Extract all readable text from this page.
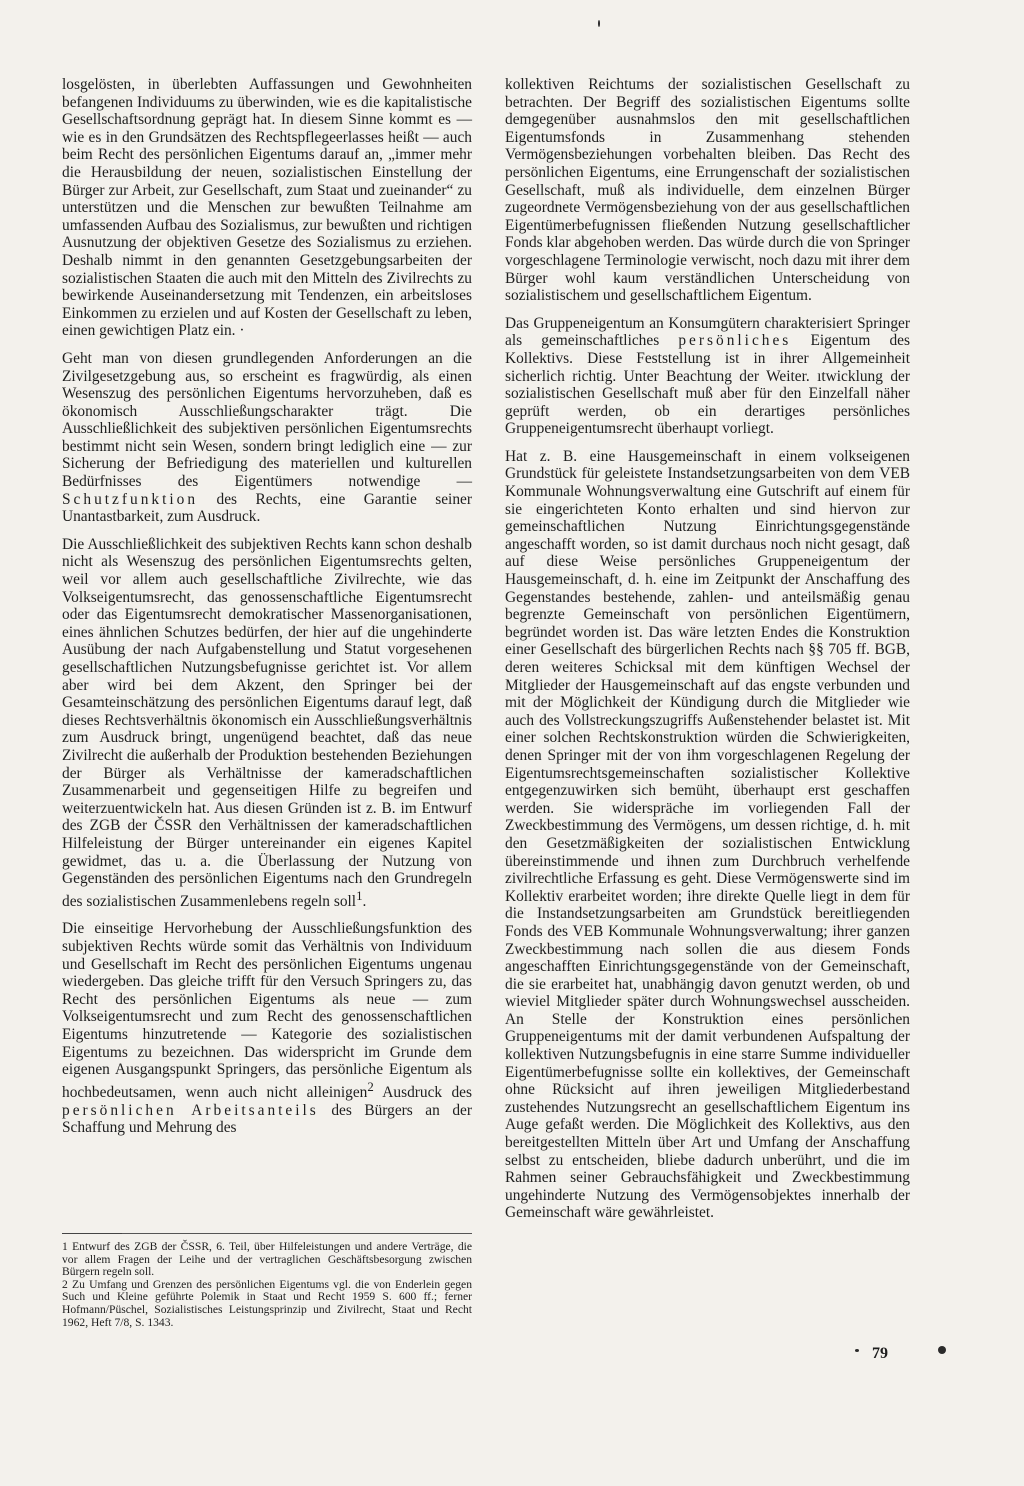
losgelösten, in überlebten Auffassungen und Gewohnheiten befangenen Individuums zu überwinden, wie es die kapitalistische Gesellschaftsordnung geprägt hat. In diesem Sinne kommt es — wie es in den Grundsätzen des Rechtspflegeerlasses heißt — auch beim Recht des persönlichen Eigentums darauf an, „immer mehr die Herausbildung der neuen, sozialistischen Einstellung der Bürger zur Arbeit, zur Gesellschaft, zum Staat und zueinander“ zu unterstützen und die Menschen zur bewußten Teilnahme am umfassenden Aufbau des Sozialismus, zur bewußten und richtigen Ausnutzung der objektiven Gesetze des Sozialismus zu erziehen. Deshalb nimmt in den genannten Gesetzgebungsarbeiten der sozialistischen Staaten die auch mit den Mitteln des Zivilrechts zu bewirkende Auseinandersetzung mit Tendenzen, ein arbeitsloses Einkommen zu erzielen und auf Kosten der Gesellschaft zu leben, einen gewichtigen Platz ein. ·

Geht man von diesen grundlegenden Anforderungen an die Zivilgesetzgebung aus, so erscheint es fragwürdig, als einen Wesenszug des persönlichen Eigentums hervorzuheben, daß es ökonomisch Ausschließungscharakter trägt. Die Ausschließlichkeit des subjektiven persönlichen Eigentumsrechts bestimmt nicht sein Wesen, sondern bringt lediglich eine — zur Sicherung der Befriedigung des materiellen und kulturellen Bedürfnisses des Eigentümers notwendige — Schutzfunktion des Rechts, eine Garantie seiner Unantastbarkeit, zum Ausdruck.

Die Ausschließlichkeit des subjektiven Rechts kann schon deshalb nicht als Wesenszug des persönlichen Eigentumsrechts gelten, weil vor allem auch gesellschaftliche Zivilrechte, wie das Volkseigentumsrecht, das genossenschaftliche Eigentumsrecht oder das Eigentumsrecht demokratischer Massenorganisationen, eines ähnlichen Schutzes bedürfen, der hier auf die ungehinderte Ausübung der nach Aufgabenstellung und Statut vorgesehenen gesellschaftlichen Nutzungsbefugnisse gerichtet ist. Vor allem aber wird bei dem Akzent, den Springer bei der Gesamteinschätzung des persönlichen Eigentums darauf legt, daß dieses Rechtsverhältnis ökonomisch ein Ausschließungsverhältnis zum Ausdruck bringt, ungenügend beachtet, daß das neue Zivilrecht die außerhalb der Produktion bestehenden Beziehungen der Bürger als Verhältnisse der kameradschaftlichen Zusammenarbeit und gegenseitigen Hilfe zu begreifen und weiterzuentwickeln hat. Aus diesen Gründen ist z. B. im Entwurf des ZGB der ČSSR den Verhältnissen der kameradschaftlichen Hilfeleistung der Bürger untereinander ein eigenes Kapitel gewidmet, das u. a. die Überlassung der Nutzung von Gegenständen des persönlichen Eigentums nach den Grundregeln des sozialistischen Zusammenlebens regeln soll$^1$.

Die einseitige Hervorhebung der Ausschließungsfunktion des subjektiven Rechts würde somit das Verhältnis von Individuum und Gesellschaft im Recht des persönlichen Eigentums ungenau wiedergeben. Das gleiche trifft für den Versuch Springers zu, das Recht des persönlichen Eigentums als neue — zum Volkseigentumsrecht und zum Recht des genossenschaftlichen Eigentums hinzutretende — Kategorie des sozialistischen Eigentums zu bezeichnen. Das widerspricht im Grunde dem eigenen Ausgangspunkt Springers, das persönliche Eigentum als hochbedeutsamen, wenn auch nicht alleinigen$^2$ Ausdruck des persönlichen Arbeitsanteils des Bürgers an der Schaffung und Mehrung des

kollektiven Reichtums der sozialistischen Gesellschaft zu betrachten. Der Begriff des sozialistischen Eigentums sollte demgegenüber ausnahmslos den mit gesellschaftlichen Eigentumsfonds in Zusammenhang stehenden Vermögensbeziehungen vorbehalten bleiben. Das Recht des persönlichen Eigentums, eine Errungenschaft der sozialistischen Gesellschaft, muß als individuelle, dem einzelnen Bürger zugeordnete Vermögensbeziehung von der aus gesellschaftlichen Eigentümerbefugnissen fließenden Nutzung gesellschaftlicher Fonds klar abgehoben werden. Das würde durch die von Springer vorgeschlagene Terminologie verwischt, noch dazu mit ihrer dem Bürger wohl kaum verständlichen Unterscheidung von sozialistischem und gesellschaftlichem Eigentum.

Das Gruppeneigentum an Konsumgütern charakterisiert Springer als gemeinschaftliches persönliches Eigentum des Kollektivs. Diese Feststellung ist in ihrer Allgemeinheit sicherlich richtig. Unter Beachtung der Weiter. ıtwicklung der sozialistischen Gesellschaft muß aber für den Einzelfall näher geprüft werden, ob ein derartiges persönliches Gruppeneigentumsrecht überhaupt vorliegt.

Hat z. B. eine Hausgemeinschaft in einem volkseigenen Grundstück für geleistete Instandsetzungsarbeiten von dem VEB Kommunale Wohnungsverwaltung eine Gutschrift auf einem für sie eingerichteten Konto erhalten und sind hiervon zur gemeinschaftlichen Nutzung Einrichtungsgegenstände angeschafft worden, so ist damit durchaus noch nicht gesagt, daß auf diese Weise persönliches Gruppeneigentum der Hausgemeinschaft, d. h. eine im Zeitpunkt der Anschaffung des Gegenstandes bestehende, zahlen- und anteilsmäßig genau begrenzte Gemeinschaft von persönlichen Eigentümern, begründet worden ist. Das wäre letzten Endes die Konstruktion einer Gesellschaft des bürgerlichen Rechts nach §§ 705 ff. BGB, deren weiteres Schicksal mit dem künftigen Wechsel der Mitglieder der Hausgemeinschaft auf das engste verbunden und mit der Möglichkeit der Kündigung durch die Mitglieder wie auch des Vollstreckungszugriffs Außenstehender belastet ist. Mit einer solchen Rechtskonstruktion würden die Schwierigkeiten, denen Springer mit der von ihm vorgeschlagenen Regelung der Eigentumsrechtsgemeinschaften sozialistischer Kollektive entgegenzuwirken sich bemüht, überhaupt erst geschaffen werden. Sie widerspräche im vorliegenden Fall der Zweckbestimmung des Vermögens, um dessen richtige, d. h. mit den Gesetzmäßigkeiten der sozialistischen Entwicklung übereinstimmende und ihnen zum Durchbruch verhelfende zivilrechtliche Erfassung es geht. Diese Vermögenswerte sind im Kollektiv erarbeitet worden; ihre direkte Quelle liegt in dem für die Instandsetzungsarbeiten am Grundstück bereitliegenden Fonds des VEB Kommunale Wohnungsverwaltung; ihrer ganzen Zweckbestimmung nach sollen die aus diesem Fonds angeschafften Einrichtungsgegenstände von der Gemeinschaft, die sie erarbeitet hat, unabhängig davon genutzt werden, ob und wieviel Mitglieder später durch Wohnungswechsel ausscheiden. An Stelle der Konstruktion eines persönlichen Gruppeneigentums mit der damit verbundenen Aufspaltung der kollektiven Nutzungsbefugnis in eine starre Summe individueller Eigentümerbefugnisse sollte ein kollektives, der Gemeinschaft ohne Rücksicht auf ihren jeweiligen Mitgliederbestand zustehendes Nutzungsrecht an gesellschaftlichem Eigentum ins Auge gefaßt werden. Die Möglichkeit des Kollektivs, aus den bereitgestellten Mitteln über Art und Umfang der Anschaffung selbst zu entscheiden, bliebe dadurch unberührt, und die im Rahmen seiner Gebrauchsfähigkeit und Zweckbestimmung ungehinderte Nutzung des Vermögensobjektes innerhalb der Gemeinschaft wäre gewährleistet.

1 Entwurf des ZGB der ČSSR, 6. Teil, über Hilfeleistungen und andere Verträge, die vor allem Fragen der Leihe und der vertraglichen Geschäftsbesorgung zwischen Bürgern regeln soll.

2 Zu Umfang und Grenzen des persönlichen Eigentums vgl. die von Enderlein gegen Such und Kleine geführte Polemik in Staat und Recht 1959 S. 600 ff.; ferner Hofmann/Püschel, Sozialistisches Leistungsprinzip und Zivilrecht, Staat und Recht 1962, Heft 7/8, S. 1343.

79
